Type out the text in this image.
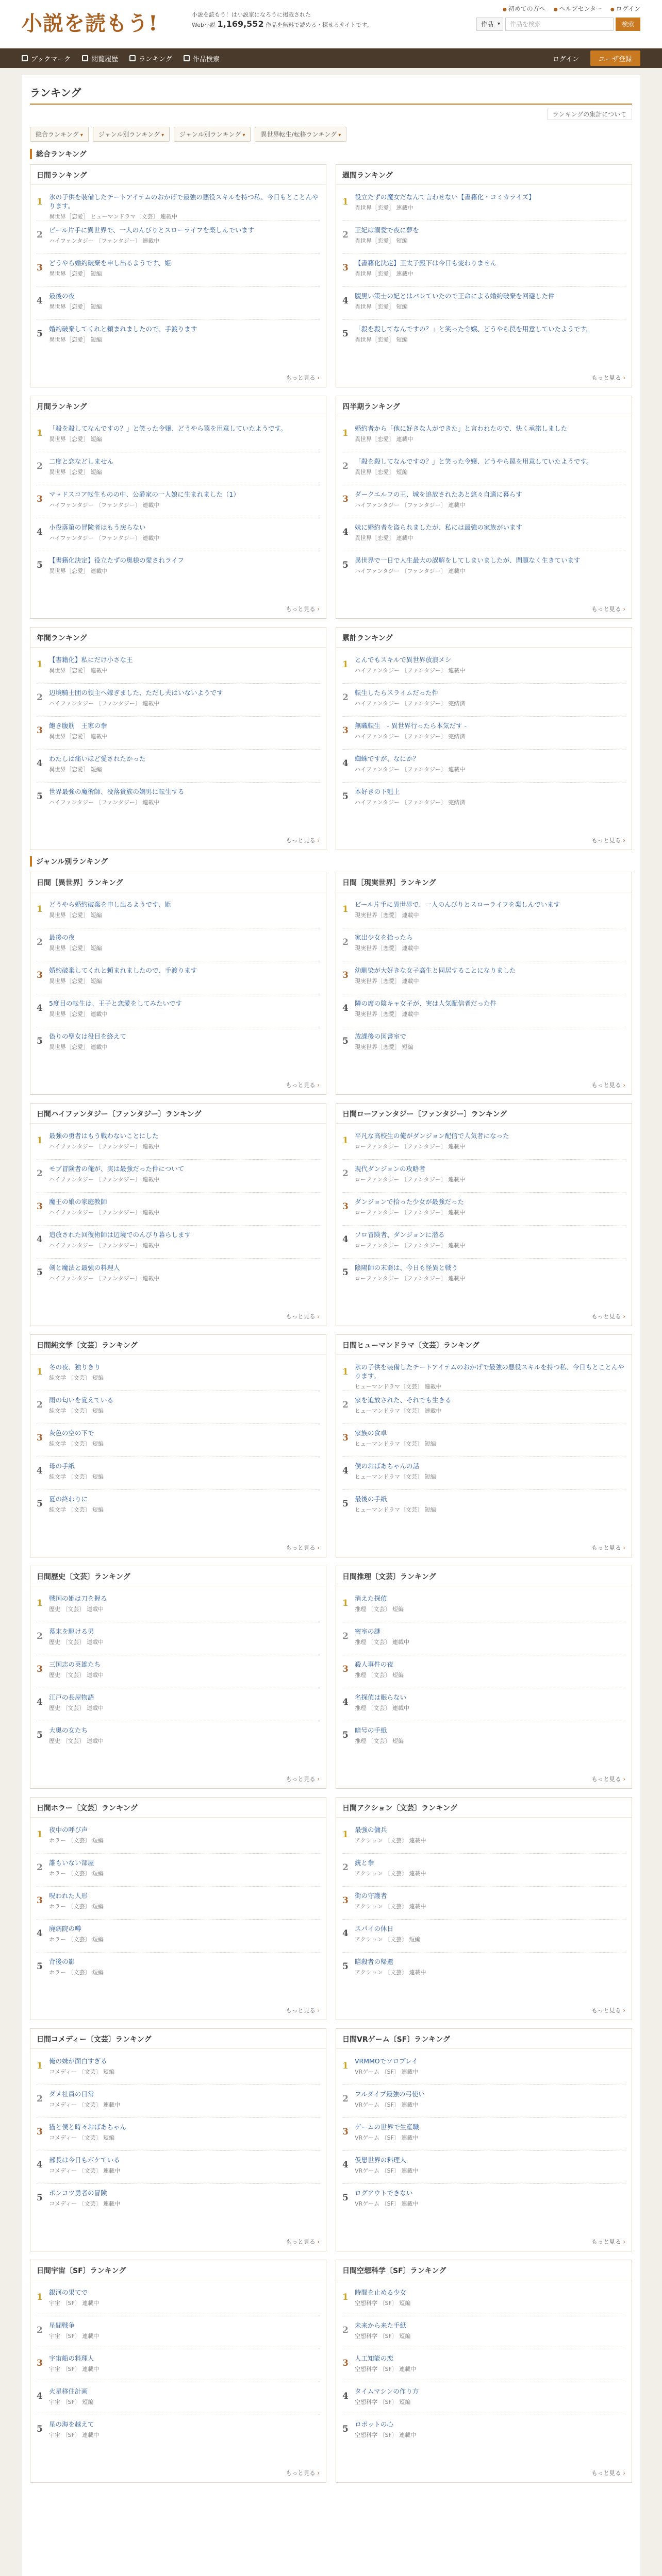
小説を読もう!	小説を読もう！は小説家になろうに掲載された
Web小説 1,169,552 作品を無料で読める・探せるサイトです。
● 初めての方へ	● ヘルプセンター	● ログイン
作品 ▾	作品を検索	検索
ブックマーク	閲覧履歴	ランキング	作品検索	ログイン	ユーザ登録
ランキング
ランキングの集計について
総合ランキング ▾	ジャンル別ランキング ▾	ジャンル別ランキング ▾	異世界転生/転移ランキング ▾
総合ランキング
日間ランキング
1 氷の子供を装備したチートアイテムのおかげで最強の悪役スキルを持つ私、今日もとことんやります。
異世界［恋愛］ ヒューマンドラマ〔文芸〕 連載中
2 ビール片手に異世界で、一人のんびりとスローライフを楽しんでいます
ハイファンタジー 〔ファンタジー〕 連載中
3 どうやら婚約破棄を申し出るようです、姫
異世界［恋愛］ 短編
4 最後の夜
異世界［恋愛］ 短編
5 婚約破棄してくれと頼まれましたので、手渡ります
異世界［恋愛］ 短編
もっと見る ›
週間ランキング
1 役立たずの魔女だなんて言わせない【書籍化・コミカライズ】
異世界［恋愛］ 連載中
2 王妃は溺愛で夜に夢を
異世界［恋愛］ 短編
3 【書籍化決定】王太子殿下は今日も変わりません
異世界［恋愛］ 連載中
4 腹黒い策士の妃とはバレていたので王命による婚約破棄を回避した件
異世界［恋愛］ 短編
5 「殺を殺してなんですの？」と笑った令嬢、どうやら罠を用意していたようです。
異世界［恋愛］ 短編
もっと見る ›
月間ランキング
1 「殺を殺してなんですの？」と笑った令嬢、どうやら罠を用意していたようです。
異世界［恋愛］ 短編
2 二度と恋などしません
異世界［恋愛］ 短編
3 マッドスコア転生ものの中、公爵家の一人娘に生まれました（1）
ハイファンタジー 〔ファンタジー〕 連載中
4 小役落第の冒険者はもう戻らない
ハイファンタジー 〔ファンタジー〕 連載中
5 【書籍化決定】役立たずの奥様の愛されライフ
異世界［恋愛］ 連載中
もっと見る ›
四半期ランキング
1 婚約者から「他に好きな人ができた」と言われたので、快く承諾しました
異世界［恋愛］ 連載中
2 「殺を殺してなんですの？」と笑った令嬢、どうやら罠を用意していたようです。
異世界［恋愛］ 短編
3 ダークエルフの王、城を追放されたあと悠々自適に暮らす
ハイファンタジー 〔ファンタジー〕 連載中
4 妹に婚約者を盗られましたが、私には最強の家族がいます
異世界［恋愛］ 連載中
5 異世界で一日で人生最大の誤解をしてしまいましたが、問題なく生きています
ハイファンタジー 〔ファンタジー〕 連載中
もっと見る ›
年間ランキング
1 【書籍化】私にだけ小さな王
異世界［恋愛］ 連載中
2 辺境騎士団の領主へ嫁ぎました、ただし夫はいないようです
ハイファンタジー 〔ファンタジー〕 連載中
3 飽き腹筋　王家の拳
異世界［恋愛］ 連載中
4 わたしは痛いほど愛されたかった
異世界［恋愛］ 短編
5 世界最強の魔術師、没落貴族の嫡男に転生する
ハイファンタジー 〔ファンタジー〕 連載中
もっと見る ›
累計ランキング
1 とんでもスキルで異世界放浪メシ
ハイファンタジー 〔ファンタジー〕 連載中
2 転生したらスライムだった件
ハイファンタジー 〔ファンタジー〕 完結済
3 無職転生　- 異世界行ったら本気だす -
ハイファンタジー 〔ファンタジー〕 完結済
4 蜘蛛ですが、なにか？
ハイファンタジー 〔ファンタジー〕 連載中
5 本好きの下剋上
ハイファンタジー 〔ファンタジー〕 完結済
もっと見る ›
ジャンル別ランキング
日間［異世界］ランキング
1 どうやら婚約破棄を申し出るようです、姫
異世界［恋愛］ 短編
2 最後の夜
異世界［恋愛］ 短編
3 婚約破棄してくれと頼まれましたので、手渡ります
異世界［恋愛］ 短編
4 5度目の転生は、王子と恋愛をしてみたいです
異世界［恋愛］ 連載中
5 偽りの聖女は役目を終えて
異世界［恋愛］ 連載中
もっと見る ›
日間［現実世界］ランキング
1 ビール片手に異世界で、一人のんびりとスローライフを楽しんでいます
現実世界［恋愛］ 連載中
2 家出少女を拾ったら
現実世界［恋愛］ 連載中
3 幼馴染が大好きな女子高生と同居することになりました
現実世界［恋愛］ 連載中
4 隣の席の陰キャ女子が、実は人気配信者だった件
現実世界［恋愛］ 連載中
5 放課後の図書室で
現実世界［恋愛］ 短編
もっと見る ›
日間ハイファンタジー〔ファンタジー〕ランキング
1 最強の勇者はもう戦わないことにした
ハイファンタジー 〔ファンタジー〕 連載中
2 モブ冒険者の俺が、実は最強だった件について
ハイファンタジー 〔ファンタジー〕 連載中
3 魔王の娘の家庭教師
ハイファンタジー 〔ファンタジー〕 連載中
4 追放された回復術師は辺境でのんびり暮らします
ハイファンタジー 〔ファンタジー〕 連載中
5 剣と魔法と最強の料理人
ハイファンタジー 〔ファンタジー〕 連載中
もっと見る ›
日間ローファンタジー〔ファンタジー〕ランキング
1 平凡な高校生の俺がダンジョン配信で人気者になった
ローファンタジー 〔ファンタジー〕 連載中
2 現代ダンジョンの攻略者
ローファンタジー 〔ファンタジー〕 連載中
3 ダンジョンで拾った少女が最強だった
ローファンタジー 〔ファンタジー〕 連載中
4 ソロ冒険者、ダンジョンに潜る
ローファンタジー 〔ファンタジー〕 連載中
5 陰陽師の末裔は、今日も怪異と戦う
ローファンタジー 〔ファンタジー〕 連載中
もっと見る ›
日間純文学〔文芸〕ランキング
1 冬の夜、独りきり
純文学 〔文芸〕 短編
2 雨の匂いを覚えている
純文学 〔文芸〕 短編
3 灰色の空の下で
純文学 〔文芸〕 短編
4 母の手紙
純文学 〔文芸〕 短編
5 夏の終わりに
純文学 〔文芸〕 短編
もっと見る ›
日間ヒューマンドラマ〔文芸〕ランキング
1 氷の子供を装備したチートアイテムのおかげで最強の悪役スキルを持つ私、今日もとことんやります。
ヒューマンドラマ〔文芸〕 連載中
2 家を追放された、それでも生きる
ヒューマンドラマ〔文芸〕 連載中
3 家族の食卓
ヒューマンドラマ〔文芸〕 短編
4 僕のおばあちゃんの話
ヒューマンドラマ〔文芸〕 短編
5 最後の手紙
ヒューマンドラマ〔文芸〕 短編
もっと見る ›
日間歴史〔文芸〕ランキング
1 戦国の姫は刀を握る
歴史 〔文芸〕 連載中
2 幕末を駆ける男
歴史 〔文芸〕 連載中
3 三国志の英雄たち
歴史 〔文芸〕 連載中
4 江戸の長屋物語
歴史 〔文芸〕 連載中
5 大奥の女たち
歴史 〔文芸〕 連載中
もっと見る ›
日間推理〔文芸〕ランキング
1 消えた探偵
推理 〔文芸〕 短編
2 密室の謎
推理 〔文芸〕 連載中
3 殺人事件の夜
推理 〔文芸〕 短編
4 名探偵は眠らない
推理 〔文芸〕 連載中
5 暗号の手紙
推理 〔文芸〕 短編
もっと見る ›
日間ホラー〔文芸〕ランキング
1 夜中の呼び声
ホラー 〔文芸〕 短編
2 誰もいない部屋
ホラー 〔文芸〕 短編
3 呪われた人形
ホラー 〔文芸〕 短編
4 廃病院の噂
ホラー 〔文芸〕 短編
5 背後の影
ホラー 〔文芸〕 短編
もっと見る ›
日間アクション〔文芸〕ランキング
1 最強の傭兵
アクション 〔文芸〕 連載中
2 銃と拳
アクション 〔文芸〕 連載中
3 街の守護者
アクション 〔文芸〕 連載中
4 スパイの休日
アクション 〔文芸〕 短編
5 暗殺者の帰還
アクション 〔文芸〕 連載中
もっと見る ›
日間コメディー〔文芸〕ランキング
1 俺の妹が面白すぎる
コメディー 〔文芸〕 短編
2 ダメ社員の日常
コメディー 〔文芸〕 連載中
3 猫と僕と時々おばあちゃん
コメディー 〔文芸〕 短編
4 部長は今日もボケている
コメディー 〔文芸〕 連載中
5 ポンコツ勇者の冒険
コメディー 〔文芸〕 連載中
もっと見る ›
日間VRゲーム〔SF〕ランキング
1 VRMMOでソロプレイ
VRゲーム 〔SF〕 連載中
2 フルダイブ最強の弓使い
VRゲーム 〔SF〕 連載中
3 ゲームの世界で生産職
VRゲーム 〔SF〕 連載中
4 仮想世界の料理人
VRゲーム 〔SF〕 連載中
5 ログアウトできない
VRゲーム 〔SF〕 連載中
もっと見る ›
日間宇宙〔SF〕ランキング
1 銀河の果てで
宇宙 〔SF〕 連載中
2 星間戦争
宇宙 〔SF〕 連載中
3 宇宙船の料理人
宇宙 〔SF〕 連載中
4 火星移住計画
宇宙 〔SF〕 短編
5 星の海を越えて
宇宙 〔SF〕 連載中
もっと見る ›
日間空想科学〔SF〕ランキング
1 時間を止める少女
空想科学 〔SF〕 短編
2 未来から来た手紙
空想科学 〔SF〕 短編
3 人工知能の恋
空想科学 〔SF〕 連載中
4 タイムマシンの作り方
空想科学 〔SF〕 短編
5 ロボットの心
空想科学 〔SF〕 連載中
もっと見る ›
